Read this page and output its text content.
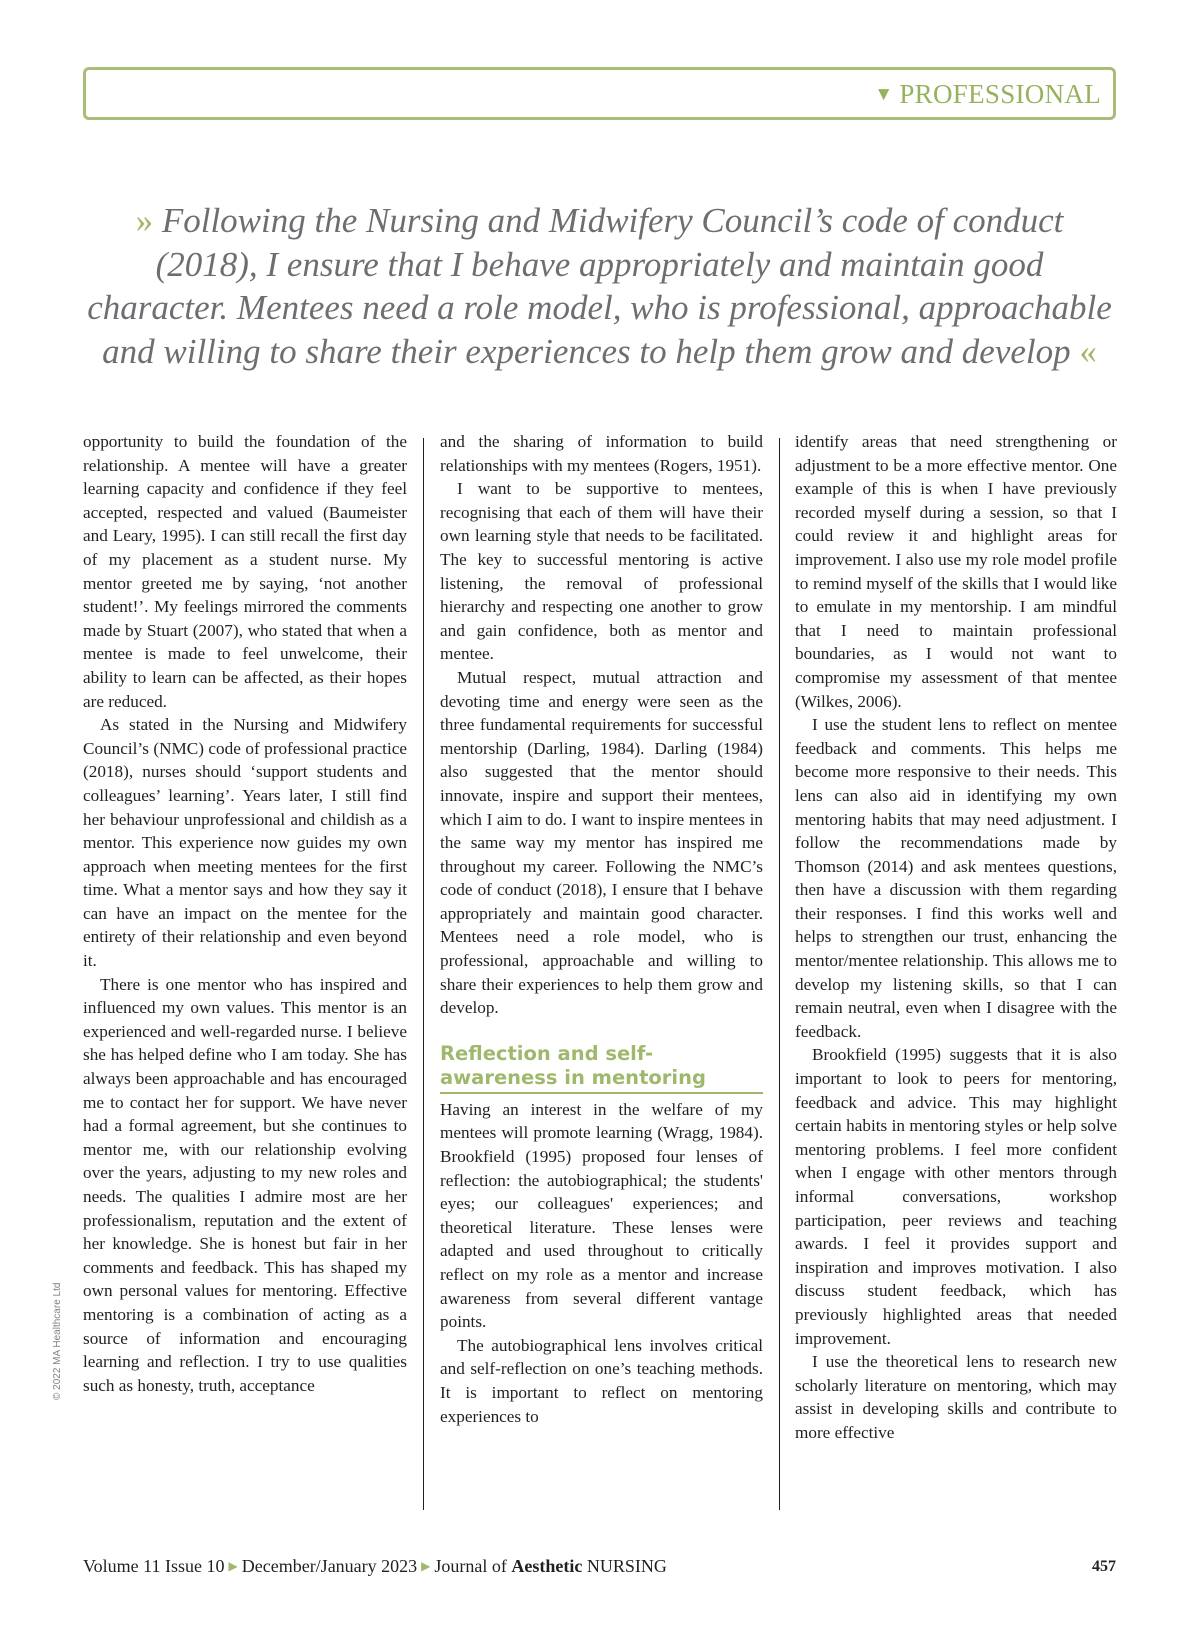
▼ PROFESSIONAL
» Following the Nursing and Midwifery Council’s code of conduct (2018), I ensure that I behave appropriately and maintain good character. Mentees need a role model, who is professional, approachable and willing to share their experiences to help them grow and develop «

opportunity to build the foundation of the relationship. A mentee will have a greater learning capacity and confidence if they feel accepted, respected and valued (Baumeister and Leary, 1995). I can still recall the first day of my placement as a student nurse. My mentor greeted me by saying, ‘not another student!’. My feelings mirrored the comments made by Stuart (2007), who stated that when a mentee is made to feel unwelcome, their ability to learn can be affected, as their hopes are reduced.

As stated in the Nursing and Midwifery Council’s (NMC) code of professional practice (2018), nurses should ‘support students and colleagues’ learning’. Years later, I still find her behaviour unprofessional and childish as a mentor. This experience now guides my own approach when meeting mentees for the first time. What a mentor says and how they say it can have an impact on the mentee for the entirety of their relationship and even beyond it.

There is one mentor who has inspired and influenced my own values. This mentor is an experienced and well-regarded nurse. I believe she has helped define who I am today. She has always been approachable and has encouraged me to contact her for support. We have never had a formal agreement, but she continues to mentor me, with our relationship evolving over the years, adjusting to my new roles and needs. The qualities I admire most are her professionalism, reputation and the extent of her knowledge. She is honest but fair in her comments and feedback. This has shaped my own personal values for mentoring. Effective mentoring is a combination of acting as a source of information and encouraging learning and reflection. I try to use qualities such as honesty, truth, acceptance

and the sharing of information to build relationships with my mentees (Rogers, 1951).

I want to be supportive to mentees, recognising that each of them will have their own learning style that needs to be facilitated. The key to successful mentoring is active listening, the removal of professional hierarchy and respecting one another to grow and gain confidence, both as mentor and mentee.

Mutual respect, mutual attraction and devoting time and energy were seen as the three fundamental requirements for successful mentorship (Darling, 1984). Darling (1984) also suggested that the mentor should innovate, inspire and support their mentees, which I aim to do. I want to inspire mentees in the same way my mentor has inspired me throughout my career. Following the NMC’s code of conduct (2018), I ensure that I behave appropriately and maintain good character. Mentees need a role model, who is professional, approachable and willing to share their experiences to help them grow and develop.

Reflection and self-awareness in mentoring

Having an interest in the welfare of my mentees will promote learning (Wragg, 1984). Brookfield (1995) proposed four lenses of reflection: the autobiographical; the students' eyes; our colleagues' experiences; and theoretical literature. These lenses were adapted and used throughout to critically reflect on my role as a mentor and increase awareness from several different vantage points.

The autobiographical lens involves critical and self-reflection on one’s teaching methods. It is important to reflect on mentoring experiences to

identify areas that need strengthening or adjustment to be a more effective mentor. One example of this is when I have previously recorded myself during a session, so that I could review it and highlight areas for improvement. I also use my role model profile to remind myself of the skills that I would like to emulate in my mentorship. I am mindful that I need to maintain professional boundaries, as I would not want to compromise my assessment of that mentee (Wilkes, 2006).

I use the student lens to reflect on mentee feedback and comments. This helps me become more responsive to their needs. This lens can also aid in identifying my own mentoring habits that may need adjustment. I follow the recommendations made by Thomson (2014) and ask mentees questions, then have a discussion with them regarding their responses. I find this works well and helps to strengthen our trust, enhancing the mentor/mentee relationship. This allows me to develop my listening skills, so that I can remain neutral, even when I disagree with the feedback.

Brookfield (1995) suggests that it is also important to look to peers for mentoring, feedback and advice. This may highlight certain habits in mentoring styles or help solve mentoring problems. I feel more confident when I engage with other mentors through informal conversations, workshop participation, peer reviews and teaching awards. I feel it provides support and inspiration and improves motivation. I also discuss student feedback, which has previously highlighted areas that needed improvement.

I use the theoretical lens to research new scholarly literature on mentoring, which may assist in developing skills and contribute to more effective

© 2022 MA Healthcare Ltd
Volume 11 Issue 10 ▶ December/January 2023 ▶ Journal of Aesthetic NURSING	457
